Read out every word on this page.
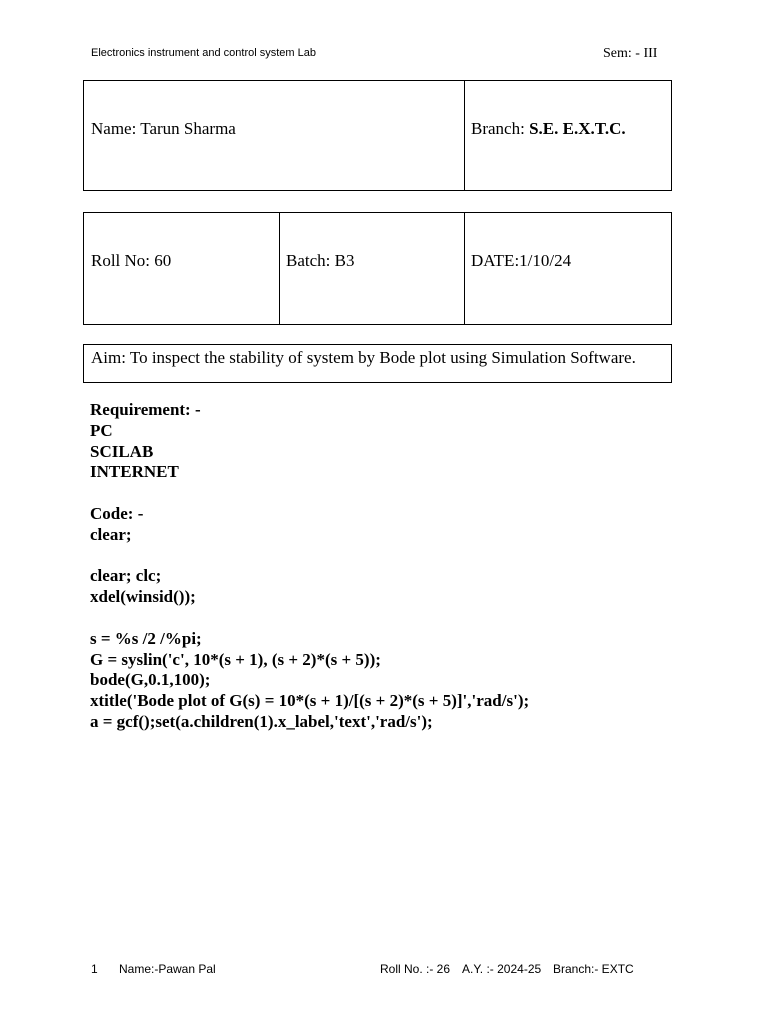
Electronics instrument and control system Lab	Sem: - III
Name: Tarun Sharma	Branch: S.E. E.X.T.C.
Roll No: 60	Batch: B3	DATE:1/10/24
Aim: To inspect the stability of system by Bode plot using Simulation Software.
Requirement: -
PC
SCILAB
INTERNET
Code: -
clear;
clear; clc;
xdel(winsid());
s = %s /2 /%pi;
G = syslin('c', 10*(s + 1), (s + 2)*(s + 5));
bode(G,0.1,100);
xtitle('Bode plot of G(s) = 10*(s + 1)/[(s + 2)*(s + 5)]','rad/s');
a = gcf();set(a.children(1).x_label,'text','rad/s');
1 Name:-Pawan Pal	Roll No. :- 26 A.Y. :- 2024-25 Branch:- EXTC
